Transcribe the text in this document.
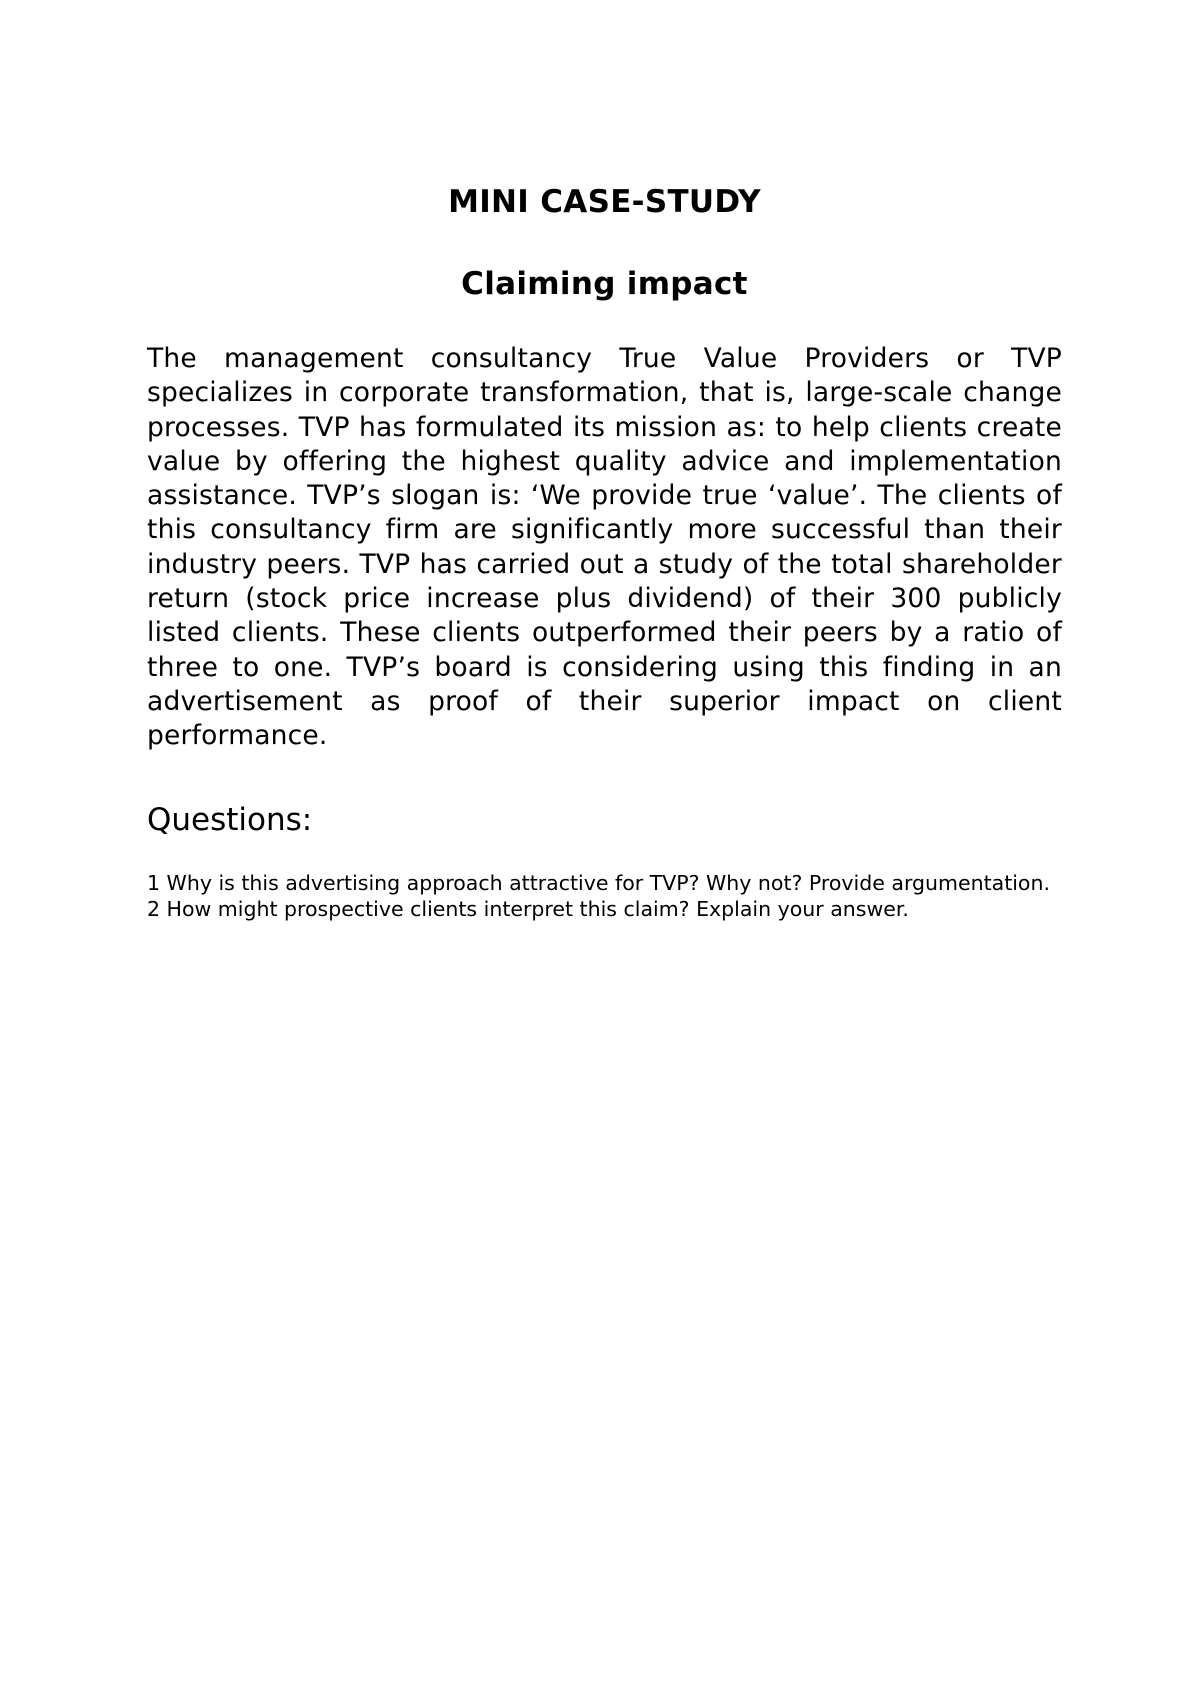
MINI CASE-STUDY
Claiming impact

The management consultancy True Value Providers or TVP specializes in corporate transformation, that is, large-scale change processes. TVP has formulated its mission as: to help clients create value by offering the highest quality advice and implementation assistance. TVP’s slogan is: ‘We provide true ‘value’. The clients of this consultancy firm are significantly more successful than their industry peers. TVP has carried out a study of the total shareholder return (stock price increase plus dividend) of their 300 publicly listed clients. These clients outperformed their peers by a ratio of three to one. TVP’s board is considering using this finding in an advertisement as proof of their superior impact on client performance.

Questions:
1 Why is this advertising approach attractive for TVP? Why not? Provide argumentation.
2 How might prospective clients interpret this claim? Explain your answer.
